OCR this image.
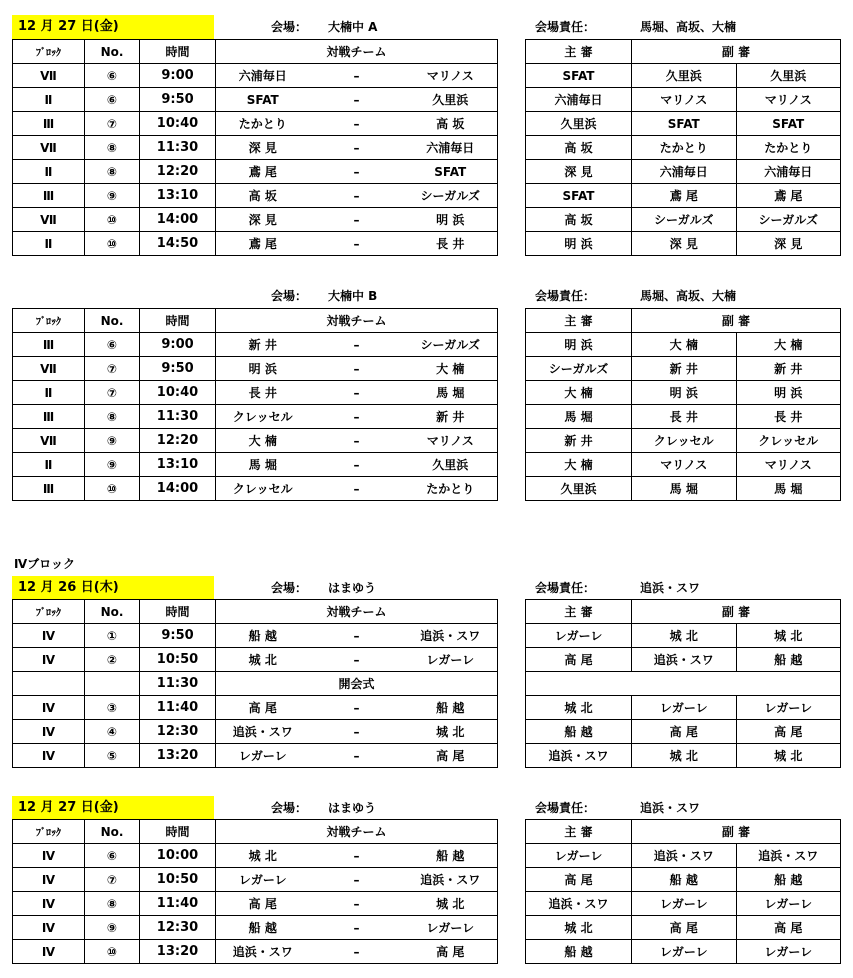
12 月 27 日(金)	会場： 大楠中 A	会場責任：	馬堀、高坂、大楠
ﾌﾞﾛｯｸ	No.	時間	対戦チーム		
Ⅶ	⑥	9:00	六浦毎日	–	マリノス
Ⅱ	⑥	9:50	SFAT	–	久里浜
Ⅲ	⑦	10:40	たかとり	–	高 坂
Ⅶ	⑧	11:30	深 見	–	六浦毎日
Ⅱ	⑧	12:20	鳶 尾	–	SFAT
Ⅲ	⑨	13:10	高 坂	–	シーガルズ
Ⅶ	⑩	14:00	深 見	–	明 浜
Ⅱ	⑩	14:50	鳶 尾	–	長 井
主 審	副 審	
SFAT	久里浜	久里浜
六浦毎日	マリノス	マリノス
久里浜	SFAT	SFAT
高 坂	たかとり	たかとり
深 見	六浦毎日	六浦毎日
SFAT	鳶 尾	鳶 尾
高 坂	シーガルズ	シーガルズ
明 浜	深 見	深 見
会場： 大楠中 B	会場責任：	馬堀、高坂、大楠
ﾌﾞﾛｯｸ	No.	時間	対戦チーム		
Ⅲ	⑥	9:00	新 井	–	シーガルズ
Ⅶ	⑦	9:50	明 浜	–	大 楠
Ⅱ	⑦	10:40	長 井	–	馬 堀
Ⅲ	⑧	11:30	クレッセル	–	新 井
Ⅶ	⑨	12:20	大 楠	–	マリノス
Ⅱ	⑨	13:10	馬 堀	–	久里浜
Ⅲ	⑩	14:00	クレッセル	–	たかとり
主 審	副 審	
明 浜	大 楠	大 楠
シーガルズ	新 井	新 井
大 楠	明 浜	明 浜
馬 堀	長 井	長 井
新 井	クレッセル	クレッセル
大 楠	マリノス	マリノス
久里浜	馬 堀	馬 堀
Ⅳブロック
12 月 26 日(木)	会場： はまゆう	会場責任：	追浜・スワ
ﾌﾞﾛｯｸ	No.	時間	対戦チーム		
Ⅳ	①	9:50	船 越	–	追浜・スワ
Ⅳ	②	10:50	城 北	–	レガーレ
		11:30	開会式		
Ⅳ	③	11:40	高 尾	–	船 越
Ⅳ	④	12:30	追浜・スワ	–	城 北
Ⅳ	⑤	13:20	レガーレ	–	高 尾
主 審	副 審	
レガーレ	城 北	城 北
高 尾	追浜・スワ	船 越

城 北	レガーレ	レガーレ
船 越	高 尾	高 尾
追浜・スワ	城 北	城 北
12 月 27 日(金)	会場： はまゆう	会場責任：	追浜・スワ
ﾌﾞﾛｯｸ	No.	時間	対戦チーム		
Ⅳ	⑥	10:00	城 北	–	船 越
Ⅳ	⑦	10:50	レガーレ	–	追浜・スワ
Ⅳ	⑧	11:40	高 尾	–	城 北
Ⅳ	⑨	12:30	船 越	–	レガーレ
Ⅳ	⑩	13:20	追浜・スワ	–	高 尾
主 審	副 審	
レガーレ	追浜・スワ	追浜・スワ
高 尾	船 越	船 越
追浜・スワ	レガーレ	レガーレ
城 北	高 尾	高 尾
船 越	レガーレ	レガーレ
